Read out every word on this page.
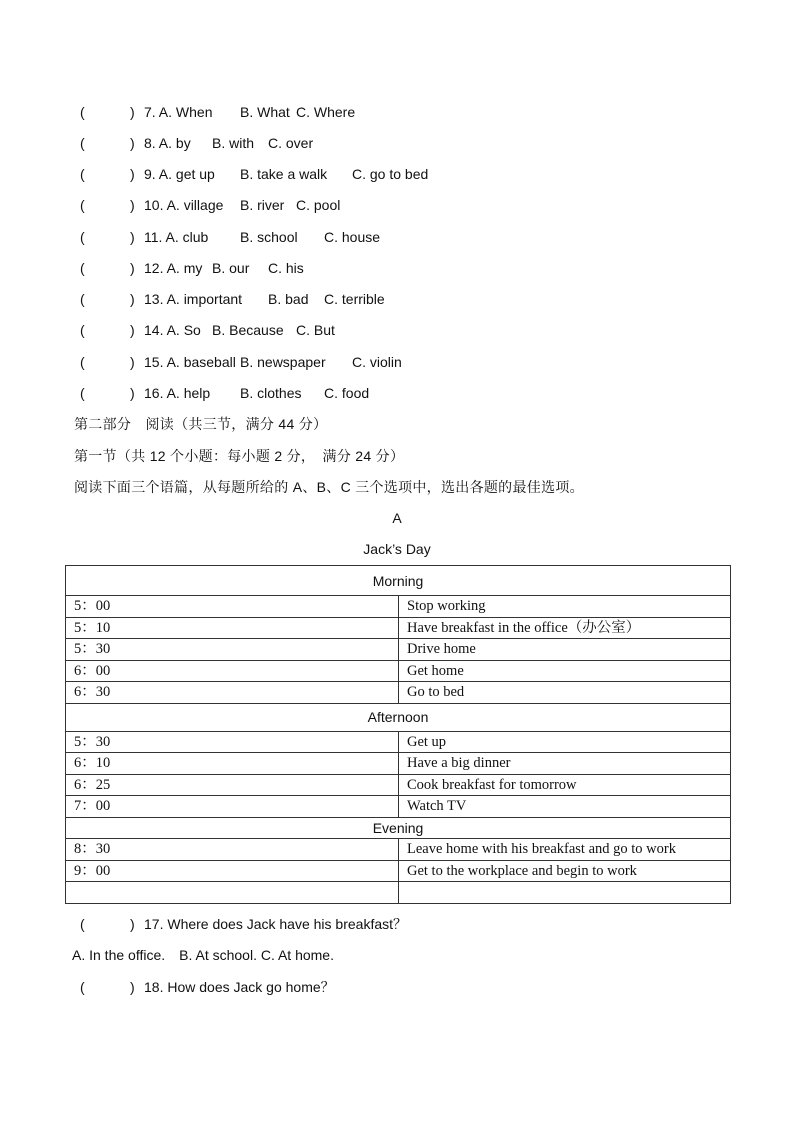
(

	)

7. A. When

B. What

C. Where

(

	)

8. A. by

B. with

C. over

(

	)

9. A. get up

B. take a walk

C. go to bed

(

	)

10. A. village

B. river

C. pool

(

	)

11. A. club

B. school

C. house

(

	)

12. A. my

B. our

C. his

(

	)

13. A. important

B. bad

C. terrible

(

	)

14. A. So

B. Because

C. But

(

	)

15. A. baseball

B. newspaper

C. violin

(

	)

16. A. help

B. clothes

C. food

第二部分　阅读（共三节，满分 44 分）
第一节（共 12 个小题：每小题 2 分，　满分 24 分）
阅读下面三个语篇，从每题所给的 A、B、C 三个选项中，选出各题的最佳选项。
A
Jack’s Day
Morning	
5：00	Stop working
5：10	Have breakfast in the office（办公室）
5：30	Drive home
6：00	Get home
6：30	Go to bed
Afternoon	
5：30	Get up
6：10	Have a big dinner
6：25	Cook breakfast for tomorrow
7：00	Watch TV
Evening	
8：30	Leave home with his breakfast and go to work
9：00	Get to the workplace and begin to work

(

	)

17. Where does Jack have his breakfast？

A. In the office.　B. At school. C. At home.

(

	)

18. How does Jack go home？
